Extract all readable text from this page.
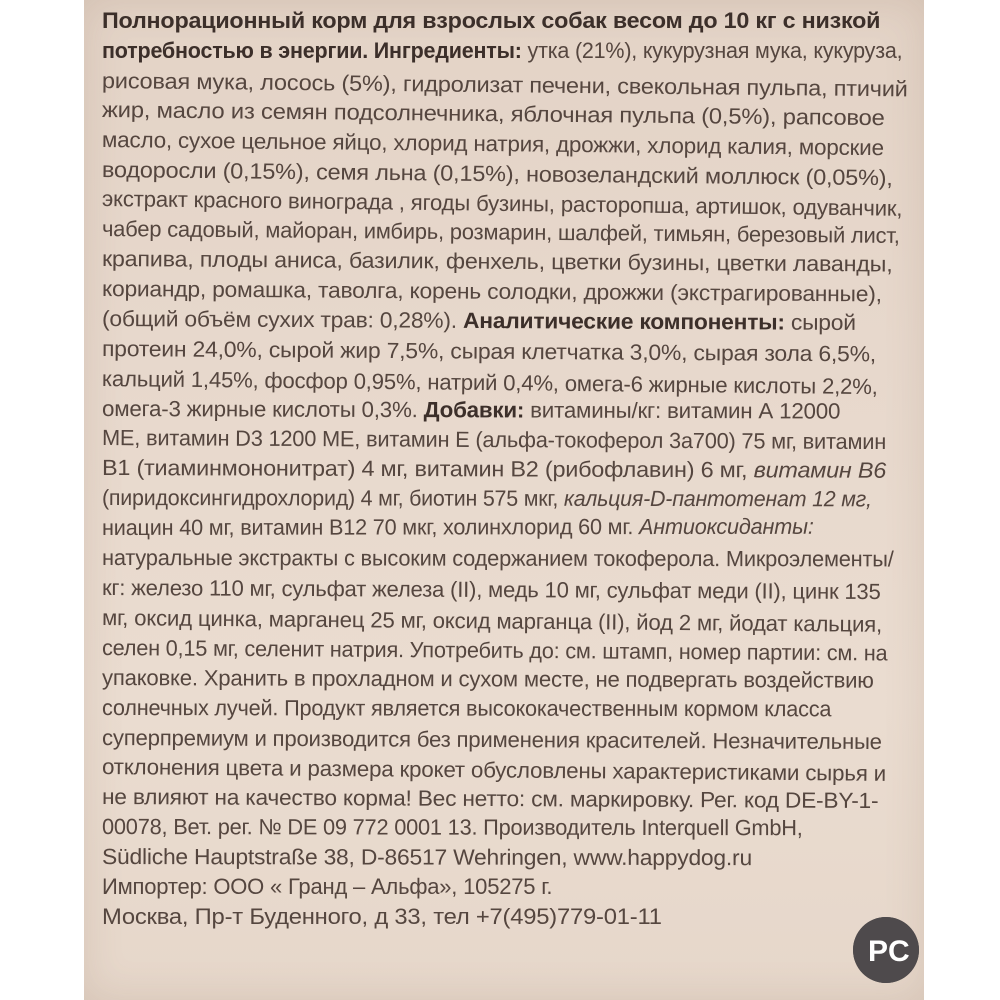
Полнорационный корм для взрослых собак весом до 10 кг с низкой
потребностью в энергии. Ингредиенты: утка (21%), кукурузная мука, кукуруза,
рисовая мука, лосось (5%), гидролизат печени, свекольная пульпа, птичий
жир, масло из семян подсолнечника, яблочная пульпа (0,5%), рапсовое
масло, сухое цельное яйцо, хлорид натрия, дрожжи, хлорид калия, морские
водоросли (0,15%), семя льна (0,15%), новозеландский моллюск (0,05%),
экстракт красного винограда , ягоды бузины, расторопша, артишок, одуванчик,
чабер садовый, майоран, имбирь, розмарин, шалфей, тимьян, березовый лист,
крапива, плоды аниса, базилик, фенхель, цветки бузины, цветки лаванды,
кориандр, ромашка, таволга, корень солодки, дрожжи (экстрагированные),
(общий объём сухих трав: 0,28%). Аналитические компоненты: сырой
протеин 24,0%, сырой жир 7,5%, сырая клетчатка 3,0%, сырая зола 6,5%,
кальций 1,45%, фосфор 0,95%, натрий 0,4%, омега-6 жирные кислоты 2,2%,
омега-3 жирные кислоты 0,3%. Добавки: витамины/кг: витамин А 12000
МЕ, витамин D3 1200 МЕ, витамин Е (альфа-токоферол 3а700) 75 мг, витамин
B1 (тиаминмононитрат) 4 мг, витамин B2 (рибофлавин) 6 мг, витамин B6
(пиридоксингидрохлорид) 4 мг, биотин 575 мкг, кальция-D-пантотенат 12 мг,
ниацин 40 мг, витамин B12 70 мкг, холинхлорид 60 мг. Антиоксиданты:
натуральные экстракты с высоким содержанием токоферола. Микроэлементы/
кг: железо 110 мг, сульфат железа (II), медь 10 мг, сульфат меди (II), цинк 135
мг, оксид цинка, марганец 25 мг, оксид марганца (II), йод 2 мг, йодат кальция,
селен 0,15 мг, селенит натрия. Употребить до: см. штамп, номер партии: см. на
упаковке. Хранить в прохладном и сухом месте, не подвергать воздействию
солнечных лучей. Продукт является высококачественным кормом класса
суперпремиум и производится без применения красителей. Незначительные
отклонения цвета и размера крокет обусловлены характеристиками сырья и
не влияют на качество корма! Вес нетто: см. маркировку. Рег. код DE-BY-1-
00078, Вет. рег. № DE 09 772 0001 13. Производитель Interquell GmbH,
Südliche Hauptstraße 38, D-86517 Wehringen, www.happydog.ru
Импортер: ООО « Гранд – Альфа», 105275 г.
Москва, Пр-т Буденного, д 33, тел +7(495)779-01-11
PC
